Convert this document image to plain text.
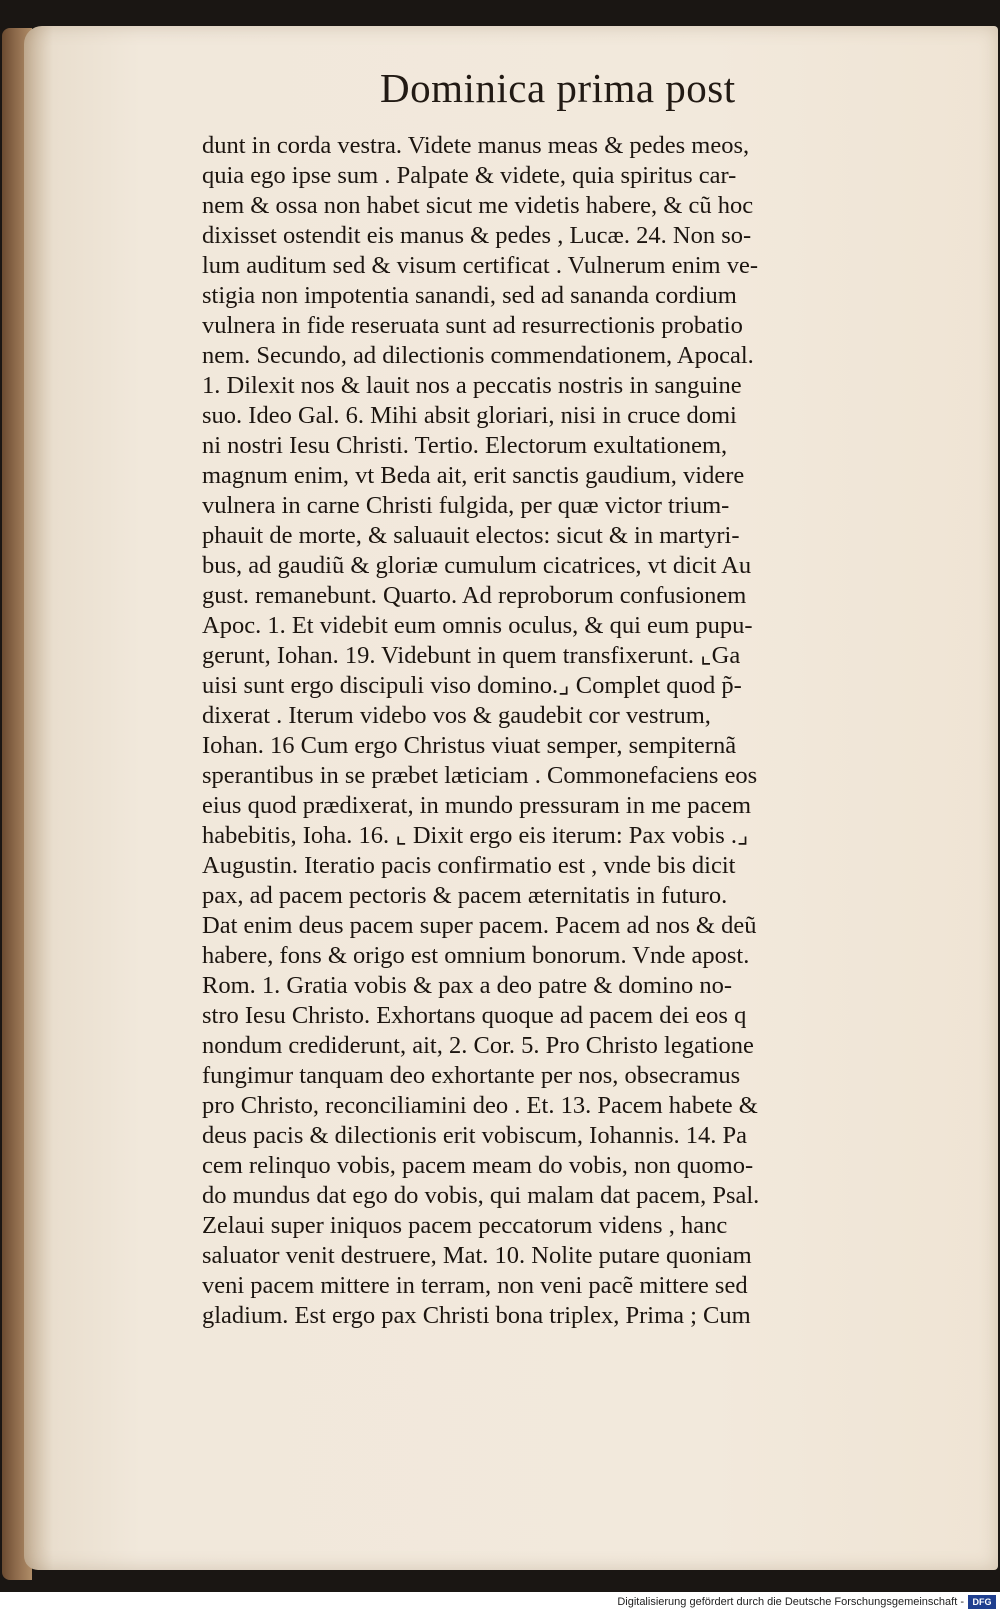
Dominica prima post
dunt in corda vestra. Videte manus meas & pedes meos,
quia ego ipse sum . Palpate & videte, quia spiritus car-
nem & ossa non habet sicut me videtis habere, & cũ hoc
dixisset ostendit eis manus & pedes , Lucæ. 24. Non so-
lum auditum sed & visum certificat . Vulnerum enim ve-
stigia non impotentia sanandi, sed ad sananda cordium
vulnera in fide reseruata sunt ad resurrectionis probatio
nem. Secundo, ad dilectionis commendationem, Apocal.
1. Dilexit nos & lauit nos a peccatis nostris in sanguine
suo. Ideo Gal. 6. Mihi absit gloriari, nisi in cruce domi
ni nostri Iesu Christi. Tertio. Electorum exultationem,
magnum enim, vt Beda ait, erit sanctis gaudium, videre
vulnera in carne Christi fulgida, per quæ victor trium-
phauit de morte, & saluauit electos: sicut & in martyri-
bus, ad gaudiũ & gloriæ cumulum cicatrices, vt dicit Au
gust. remanebunt. Quarto. Ad reproborum confusionem
Apoc. 1. Et videbit eum omnis oculus, & qui eum pupu-
gerunt, Iohan. 19. Videbunt in quem transfixerunt. ⌞Ga
uisi sunt ergo discipuli viso domino.⌟ Complet quod p̃-
dixerat . Iterum videbo vos & gaudebit cor vestrum,
Iohan. 16 Cum ergo Christus viuat semper, sempiternã
sperantibus in se præbet læticiam . Commonefaciens eos
eius quod prædixerat, in mundo pressuram in me pacem
habebitis, Ioha. 16. ⌞ Dixit ergo eis iterum: Pax vobis .⌟
Augustin. Iteratio pacis confirmatio est , vnde bis dicit
pax, ad pacem pectoris & pacem æternitatis in futuro.
Dat enim deus pacem super pacem. Pacem ad nos & deũ
habere, fons & origo est omnium bonorum. Vnde apost.
Rom. 1. Gratia vobis & pax a deo patre & domino no-
stro Iesu Christo. Exhortans quoque ad pacem dei eos q
nondum crediderunt, ait, 2. Cor. 5. Pro Christo legatione
fungimur tanquam deo exhortante per nos, obsecramus
pro Christo, reconciliamini deo . Et. 13. Pacem habete &
deus pacis & dilectionis erit vobiscum, Iohannis. 14. Pa
cem relinquo vobis, pacem meam do vobis, non quomo-
do mundus dat ego do vobis, qui malam dat pacem, Psal.
Zelaui super iniquos pacem peccatorum videns , hanc
saluator venit destruere, Mat. 10. Nolite putare quoniam
veni pacem mittere in terram, non veni pacẽ mittere sed
gladium. Est ergo pax Christi bona triplex, Prima ; Cum
Digitalisierung gefördert durch die Deutsche Forschungsgemeinschaft - DFG
